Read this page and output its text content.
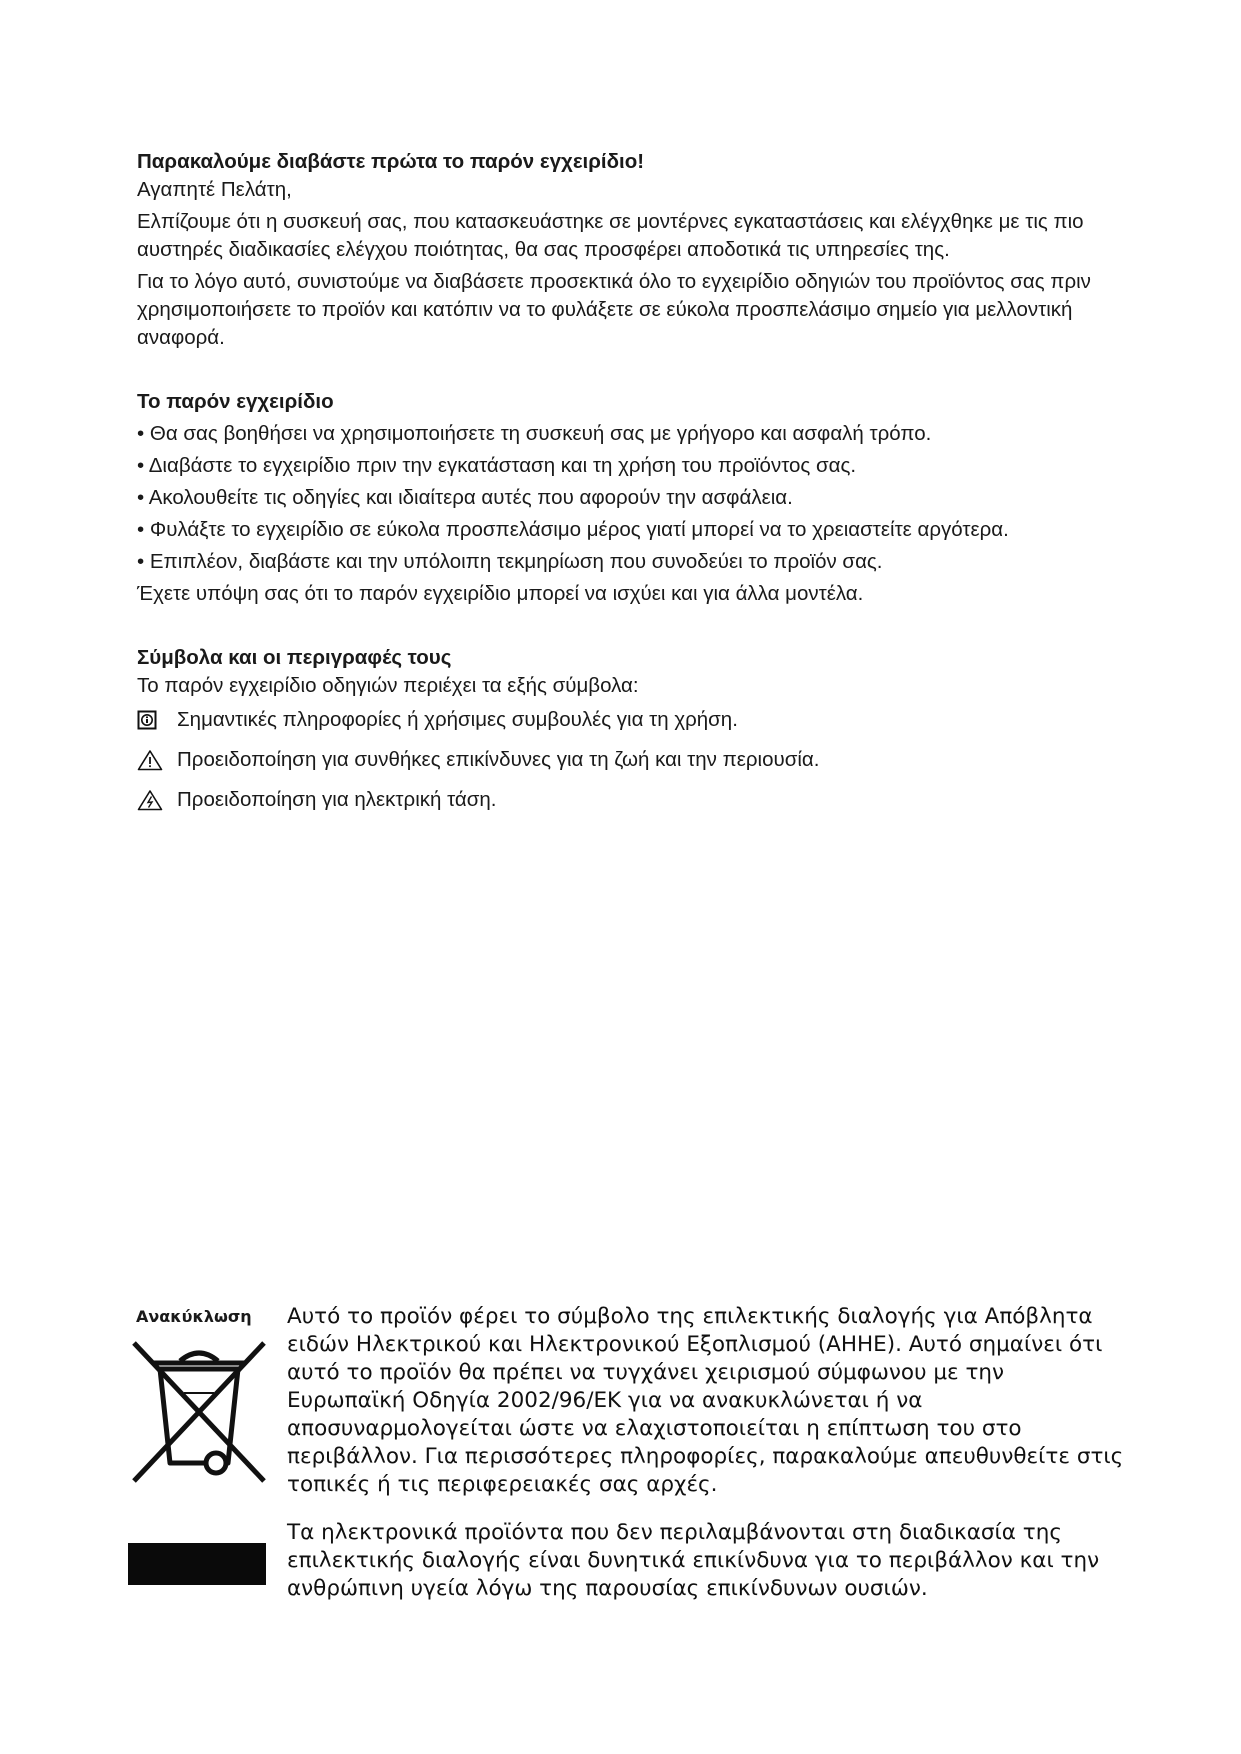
Παρακαλούμε διαβάστε πρώτα το παρόν εγχειρίδιο!

Αγαπητέ Πελάτη,

Ελπίζουμε ότι η συσκευή σας, που κατασκευάστηκε σε μοντέρνες εγκαταστάσεις και ελέγχθηκε με τις πιο αυστηρές διαδικασίες ελέγχου ποιότητας, θα σας προσφέρει αποδοτικά τις υπηρεσίες της.

Για το λόγο αυτό, συνιστούμε να διαβάσετε προσεκτικά όλο το εγχειρίδιο οδηγιών του προϊόντος σας πριν χρησιμοποιήσετε το προϊόν και κατόπιν να το φυλάξετε σε εύκολα προσπελάσιμο σημείο για μελλοντική αναφορά.

Το παρόν εγχειρίδιο

• Θα σας βοηθήσει να χρησιμοποιήσετε τη συσκευή σας με γρήγορο και ασφαλή τρόπο.

• Διαβάστε το εγχειρίδιο πριν την εγκατάσταση και τη χρήση του προϊόντος σας.

• Ακολουθείτε τις οδηγίες και ιδιαίτερα αυτές που αφορούν την ασφάλεια.

• Φυλάξτε το εγχειρίδιο σε εύκολα προσπελάσιμο μέρος γιατί μπορεί να το χρειαστείτε αργότερα.

• Επιπλέον, διαβάστε και την υπόλοιπη τεκμηρίωση που συνοδεύει το προϊόν σας.

Έχετε υπόψη σας ότι το παρόν εγχειρίδιο μπορεί να ισχύει και για άλλα μοντέλα.

Σύμβολα και οι περιγραφές τους

Το παρόν εγχειρίδιο οδηγιών περιέχει τα εξής σύμβολα:

Σημαντικές πληροφορίες ή χρήσιμες συμβουλές για τη χρήση.
Προειδοποίηση για συνθήκες επικίνδυνες για τη ζωή και την περιουσία.
Προειδοποίηση για ηλεκτρική τάση.
Ανακύκλωση Αυτό το προϊόν φέρει το σύμβολο της επιλεκτικής διαλογής για Απόβλητα ειδών Ηλεκτρικού και Ηλεκτρονικού Εξοπλισμού (ΑΗΗΕ). Αυτό σημαίνει ότι αυτό το προϊόν θα πρέπει να τυγχάνει χειρισμού σύμφωνου με την Ευρωπαϊκή Οδηγία 2002/96/ΕΚ για να ανακυκλώνεται ή να αποσυναρμολογείται ώστε να ελαχιστοποιείται η επίπτωση του στο περιβάλλον. Για περισσότερες πληροφορίες, παρακαλούμε απευθυνθείτε στις τοπικές ή τις περιφερειακές σας αρχές.

Τα ηλεκτρονικά προϊόντα που δεν περιλαμβάνονται στη διαδικασία της επιλεκτικής διαλογής είναι δυνητικά επικίνδυνα για το περιβάλλον και την ανθρώπινη υγεία λόγω της παρουσίας επικίνδυνων ουσιών.
